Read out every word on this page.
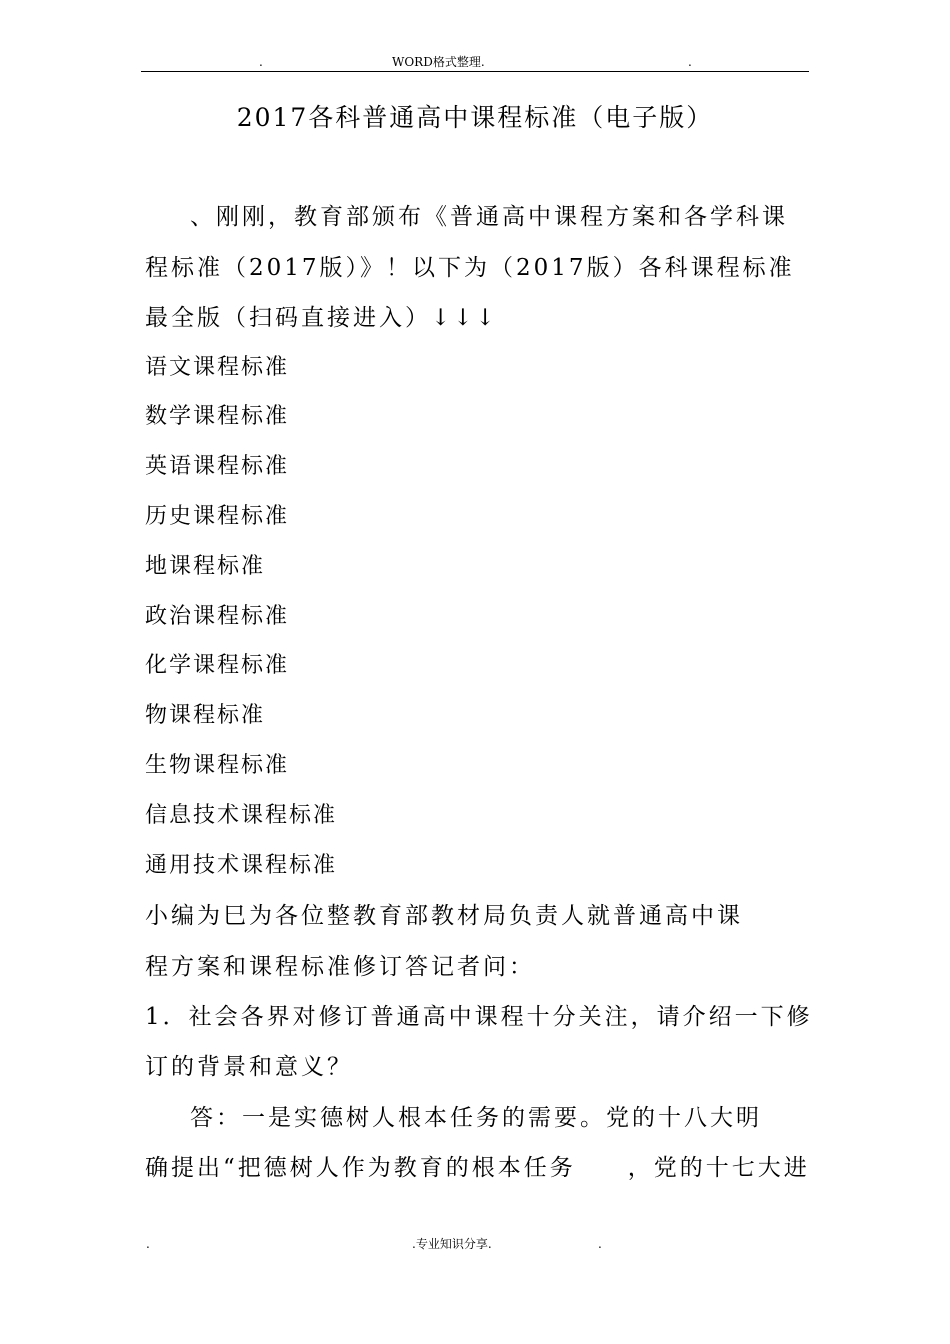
.	WORD格式整理.	.
2017各科普通高中课程标准（电子版）
、刚刚，教育部颁布《普通高中课程方案和各学科课
程标准（2017版）》！以下为（2017版）各科课程标准
最全版（扫码直接进入）↓↓↓
语文课程标准
数学课程标准
英语课程标准
历史课程标准
地课程标准
政治课程标准
化学课程标准
物课程标准
生物课程标准
信息技术课程标准
通用技术课程标准
小编为巳为各位整教育部教材局负责人就普通高中课
程方案和课程标准修订答记者问：
1．社会各界对修订普通高中课程十分关注，请介绍一下修
订的背景和意义？
答：一是实德树人根本任务的需要。党的十八大明
确提出“把德树人作为教育的根本任务　　，党的十七大进
.	.专业知识分享.	.
